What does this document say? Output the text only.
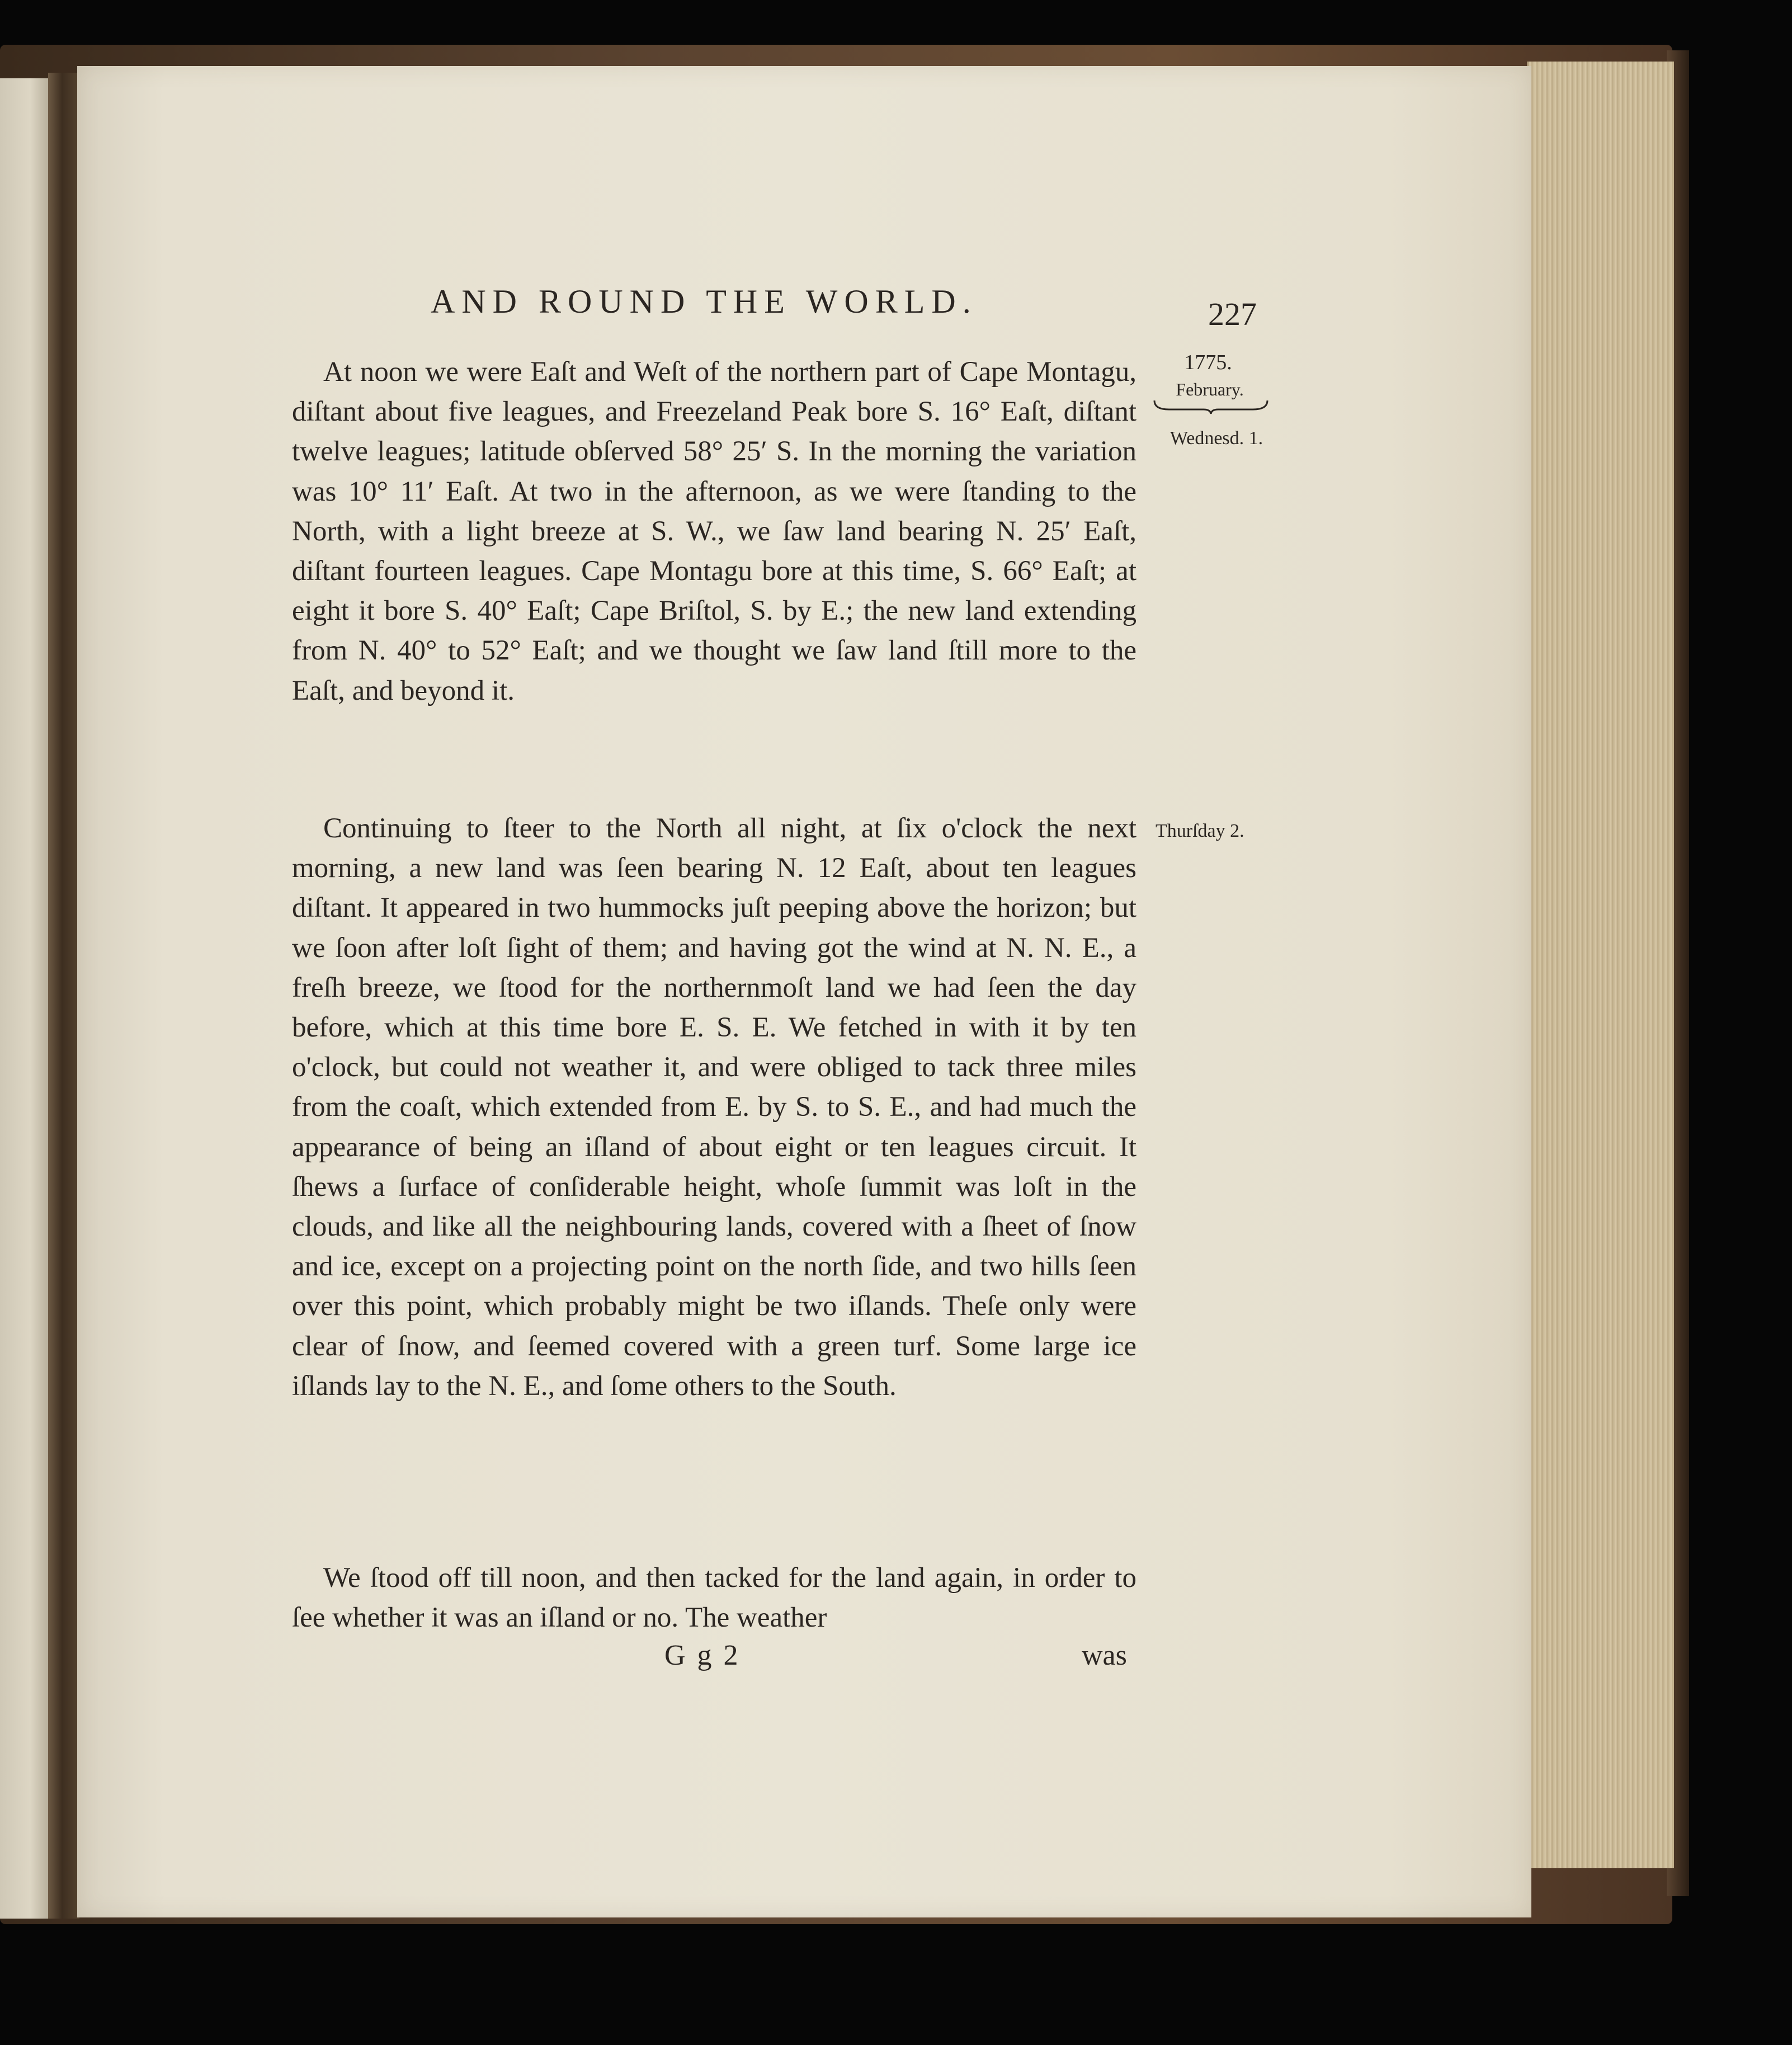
AND ROUND THE WORLD.	227

At noon we were Eaſt and Weſt of the northern part of Cape Montagu, diſtant about five leagues, and Freezeland Peak bore S. 16° Eaſt, diſtant twelve leagues; latitude obſerved 58° 25′ S. In the morning the variation was 10° 11′ Eaſt. At two in the afternoon, as we were ſtanding to the North, with a light breeze at S. W., we ſaw land bearing N. 25′ Eaſt, diſtant fourteen leagues. Cape Montagu bore at this time, S. 66° Eaſt; at eight it bore S. 40° Eaſt; Cape Briſtol, S. by E.; the new land extending from N. 40° to 52° Eaſt; and we thought we ſaw land ſtill more to the Eaſt, and beyond it.

Continuing to ſteer to the North all night, at ſix o'clock the next morning, a new land was ſeen bearing N. 12 Eaſt, about ten leagues diſtant. It appeared in two hummocks juſt peeping above the horizon; but we ſoon after loſt ſight of them; and having got the wind at N. N. E., a freſh breeze, we ſtood for the northernmoſt land we had ſeen the day before, which at this time bore E. S. E. We fetched in with it by ten o'clock, but could not weather it, and were obliged to tack three miles from the coaſt, which extended from E. by S. to S. E., and had much the appearance of being an iſland of about eight or ten leagues circuit. It ſhews a ſurface of conſiderable height, whoſe ſummit was loſt in the clouds, and like all the neighbouring lands, covered with a ſheet of ſnow and ice, except on a projecting point on the north ſide, and two hills ſeen over this point, which probably might be two iſlands. Theſe only were clear of ſnow, and ſeemed covered with a green turf. Some large ice iſlands lay to the N. E., and ſome others to the South.

We ſtood off till noon, and then tacked for the land again, in order to ſee whether it was an iſland or no. The weather

1775.
February.
Wednesd. 1.
Thurſday 2.
G g 2	was
